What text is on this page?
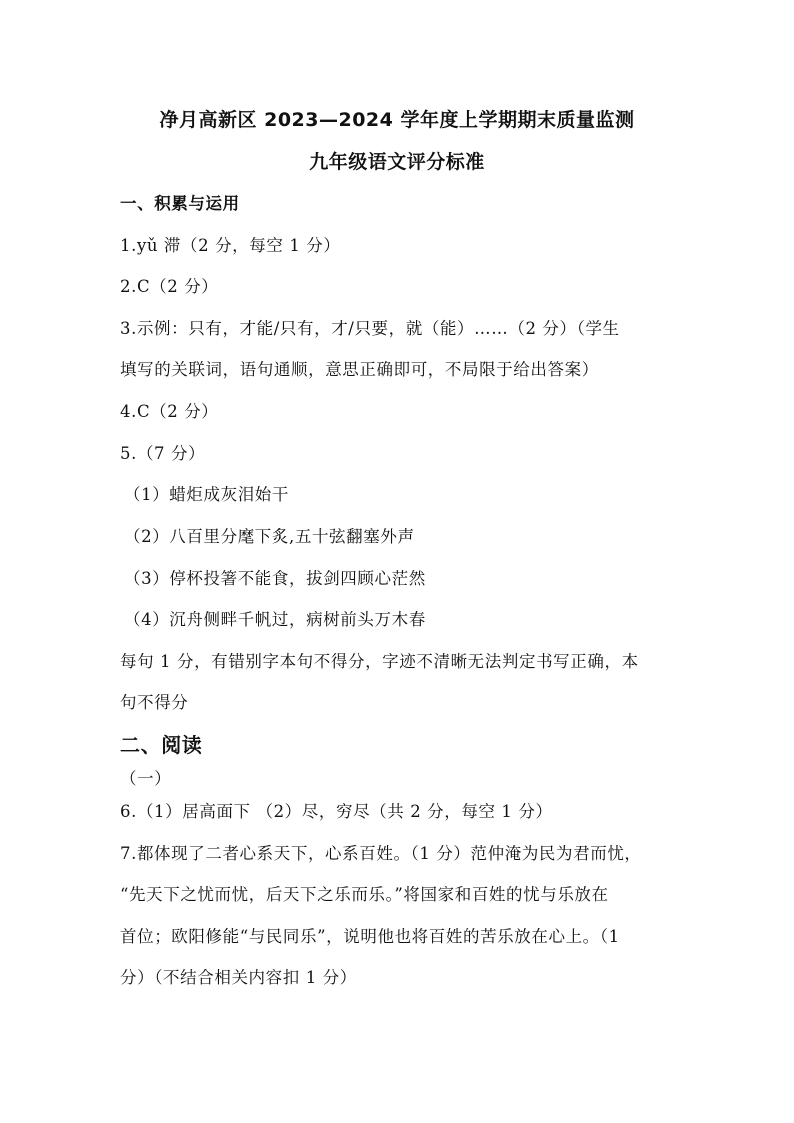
净月高新区 2023—2024 学年度上学期期末质量监测
九年级语文评分标准
一、积累与运用
1.yǔ 滞（2 分，每空 1 分）
2.C（2 分）
3.示例：只有，才能/只有，才/只要，就（能）……（2 分）（学生
填写的关联词，语句通顺，意思正确即可，不局限于给出答案）
4.C（2 分）
5.（7 分）
（1）蜡炬成灰泪始干
（2）八百里分麾下炙,五十弦翻塞外声
（3）停杯投箸不能食，拔剑四顾心茫然
（4）沉舟侧畔千帆过，病树前头万木春
每句 1 分，有错别字本句不得分，字迹不清晰无法判定书写正确，本
句不得分
二、阅读
（一）
6.（1）居高面下 （2）尽，穷尽（共 2 分，每空 1 分）
7.都体现了二者心系天下，心系百姓。（1 分）范仲淹为民为君而忧，
“先天下之忧而忧，后天下之乐而乐。”将国家和百姓的忧与乐放在
首位；欧阳修能“与民同乐”，说明他也将百姓的苦乐放在心上。（1
分）（不结合相关内容扣 1 分）
